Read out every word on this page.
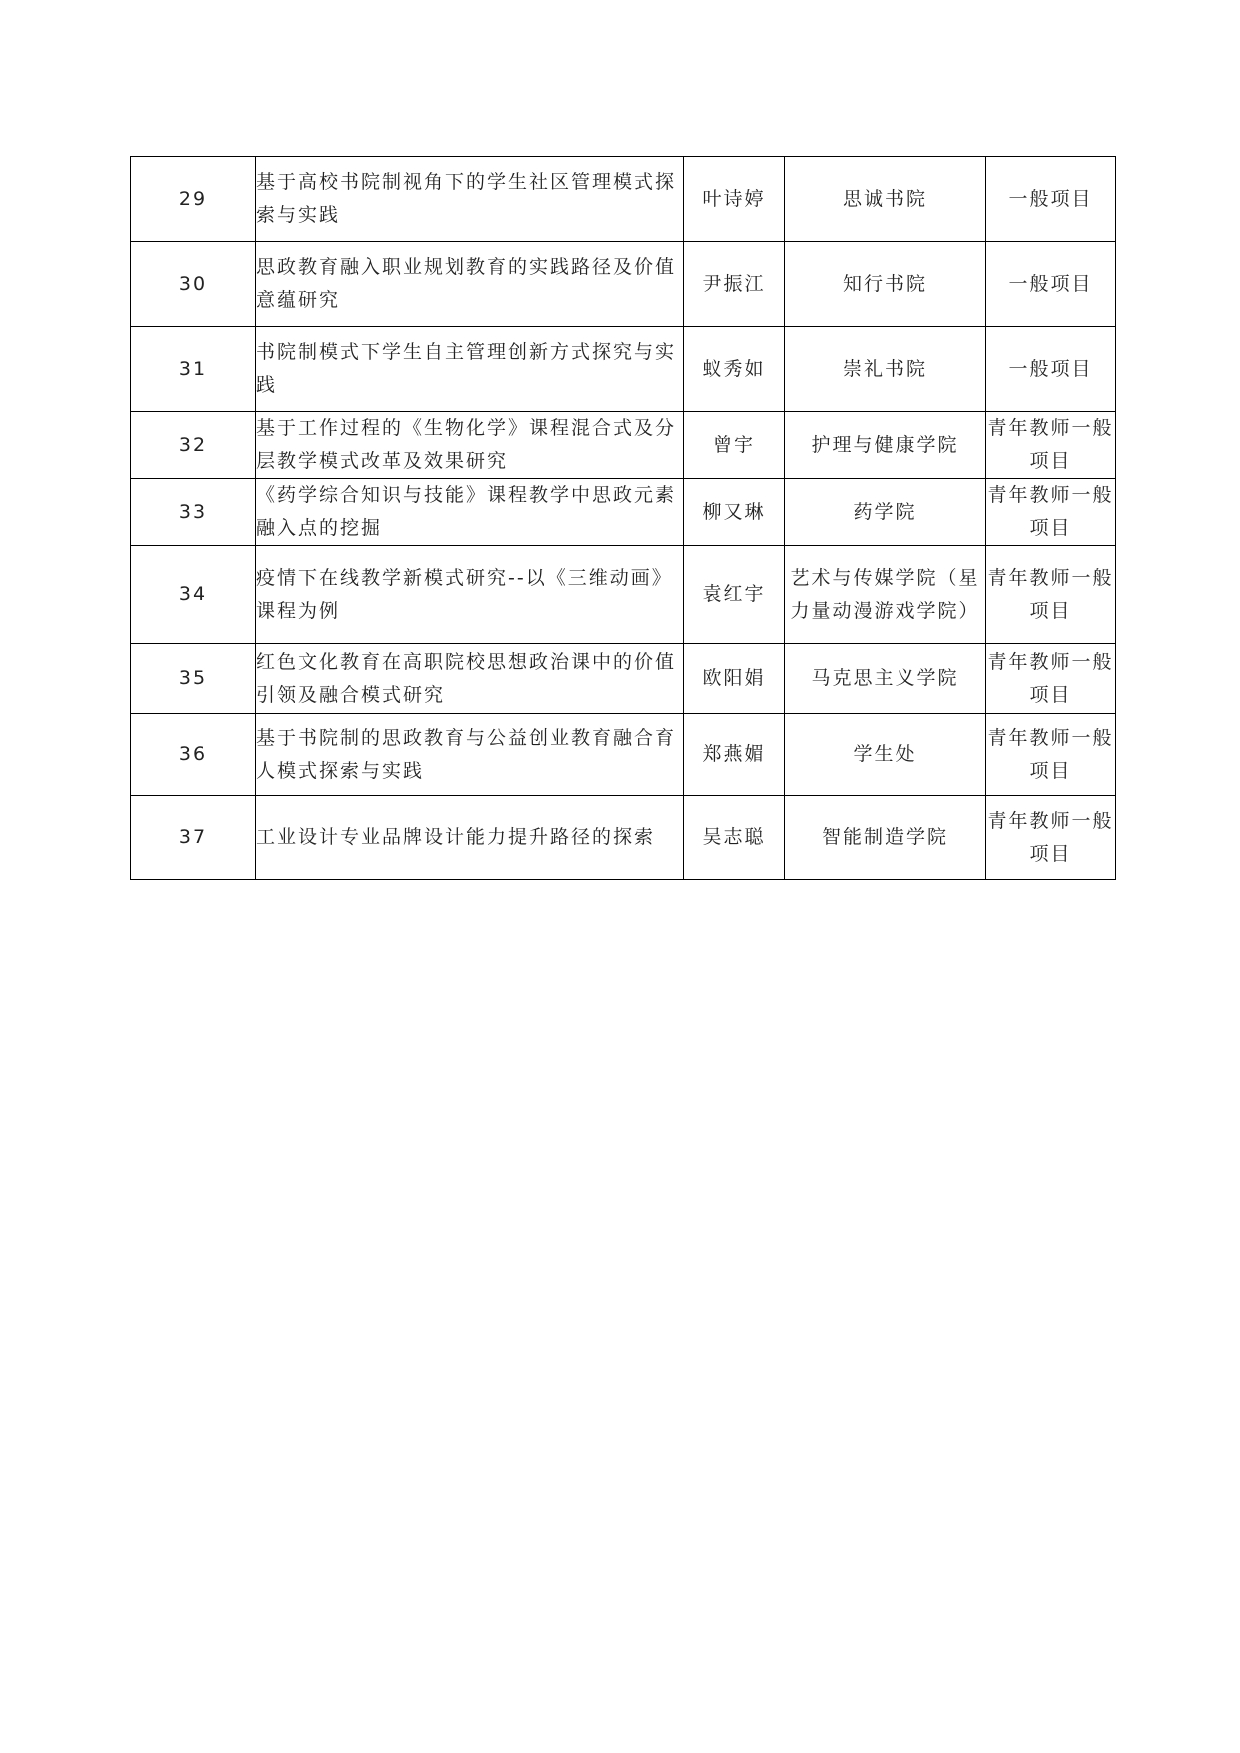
29	基于高校书院制视角下的学生社区管理模式探索与实践	叶诗婷	思诚书院	一般项目
30	思政教育融入职业规划教育的实践路径及价值意蕴研究	尹振江	知行书院	一般项目
31	书院制模式下学生自主管理创新方式探究与实践	蚁秀如	崇礼书院	一般项目
32	基于工作过程的《生物化学》课程混合式及分层教学模式改革及效果研究	曾宇	护理与健康学院	青年教师一般项目
33	《药学综合知识与技能》课程教学中思政元素融入点的挖掘	柳又琳	药学院	青年教师一般项目
34	疫情下在线教学新模式研究--以《三维动画》课程为例	袁红宇	艺术与传媒学院（星力量动漫游戏学院）	青年教师一般项目
35	红色文化教育在高职院校思想政治课中的价值引领及融合模式研究	欧阳娟	马克思主义学院	青年教师一般项目
36	基于书院制的思政教育与公益创业教育融合育人模式探索与实践	郑燕媚	学生处	青年教师一般项目
37	工业设计专业品牌设计能力提升路径的探索	吴志聪	智能制造学院	青年教师一般项目
